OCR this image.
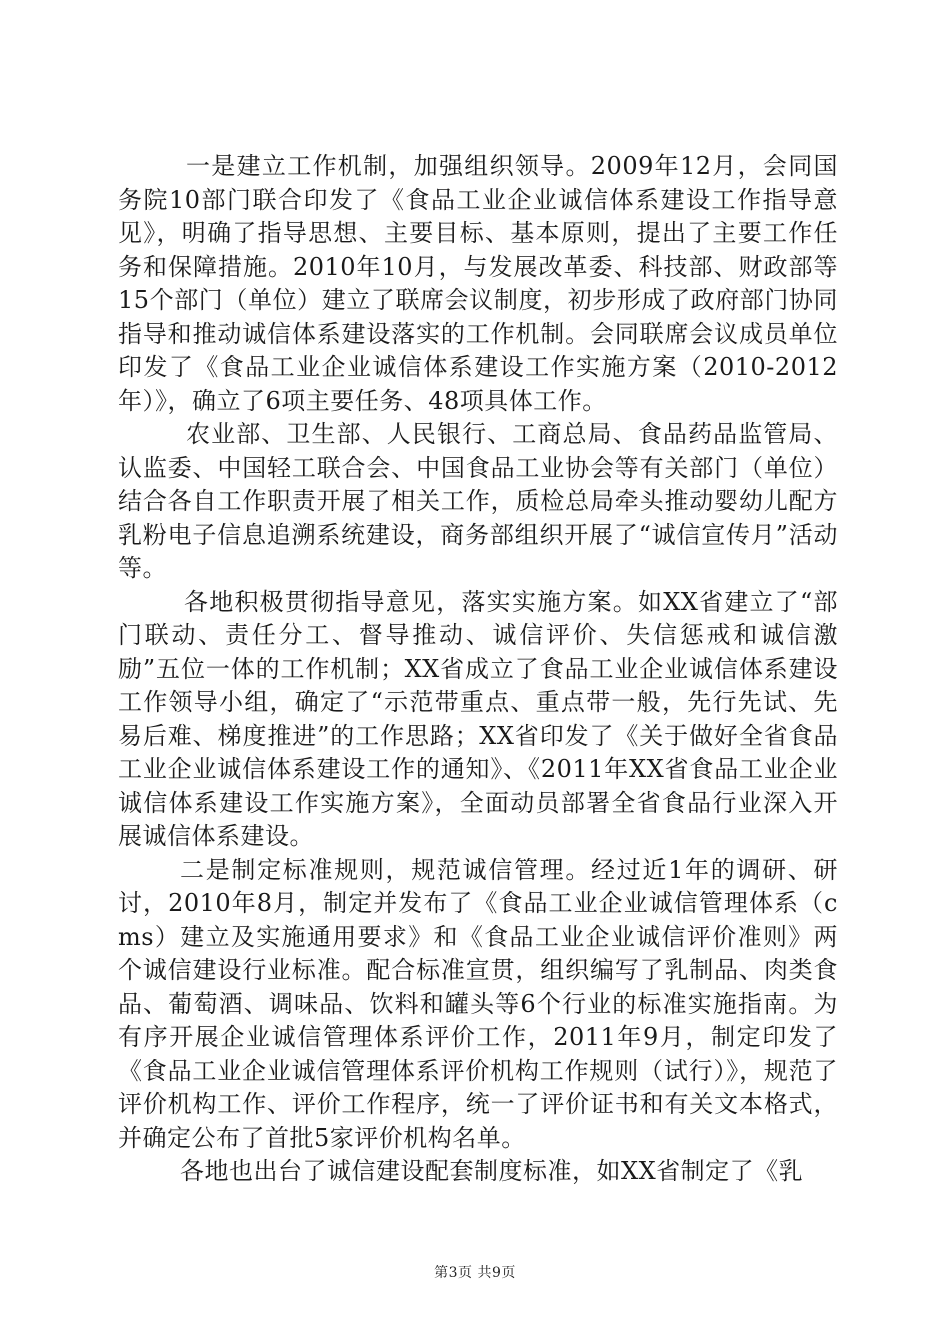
一是建立工作机制，加强组织领导。2009年12月，会同国务院10部门联合印发了《食品工业企业诚信体系建设工作指导意见》，明确了指导思想、主要目标、基本原则，提出了主要工作任务和保障措施。2010年10月，与发展改革委、科技部、财政部等15个部门（单位）建立了联席会议制度，初步形成了政府部门协同指导和推动诚信体系建设落实的工作机制。会同联席会议成员单位印发了《食品工业企业诚信体系建设工作实施方案（2010-2012年）》，确立了6项主要任务、48项具体工作。

农业部、卫生部、人民银行、工商总局、食品药品监管局、认监委、中国轻工联合会、中国食品工业协会等有关部门（单位）结合各自工作职责开展了相关工作，质检总局牵头推动婴幼儿配方乳粉电子信息追溯系统建设，商务部组织开展了“诚信宣传月”活动等。

各地积极贯彻指导意见，落实实施方案。如XX省建立了“部门联动、责任分工、督导推动、诚信评价、失信惩戒和诚信激励”五位一体的工作机制；XX省成立了食品工业企业诚信体系建设工作领导小组，确定了“示范带重点、重点带一般，先行先试、先易后难、梯度推进”的工作思路；XX省印发了《关于做好全省食品工业企业诚信体系建设工作的通知》、《2011年XX省食品工业企业诚信体系建设工作实施方案》，全面动员部署全省食品行业深入开展诚信体系建设。

二是制定标准规则，规范诚信管理。经过近1年的调研、研讨，2010年8月，制定并发布了《食品工业企业诚信管理体系（cms）建立及实施通用要求》和《食品工业企业诚信评价准则》两个诚信建设行业标准。配合标准宣贯，组织编写了乳制品、肉类食品、葡萄酒、调味品、饮料和罐头等6个行业的标准实施指南。为有序开展企业诚信管理体系评价工作，2011年9月，制定印发了《食品工业企业诚信管理体系评价机构工作规则（试行）》，规范了评价机构工作、评价工作程序，统一了评价证书和有关文本格式，并确定公布了首批5家评价机构名单。

各地也出台了诚信建设配套制度标准，如XX省制定了《乳

第3页 共9页
